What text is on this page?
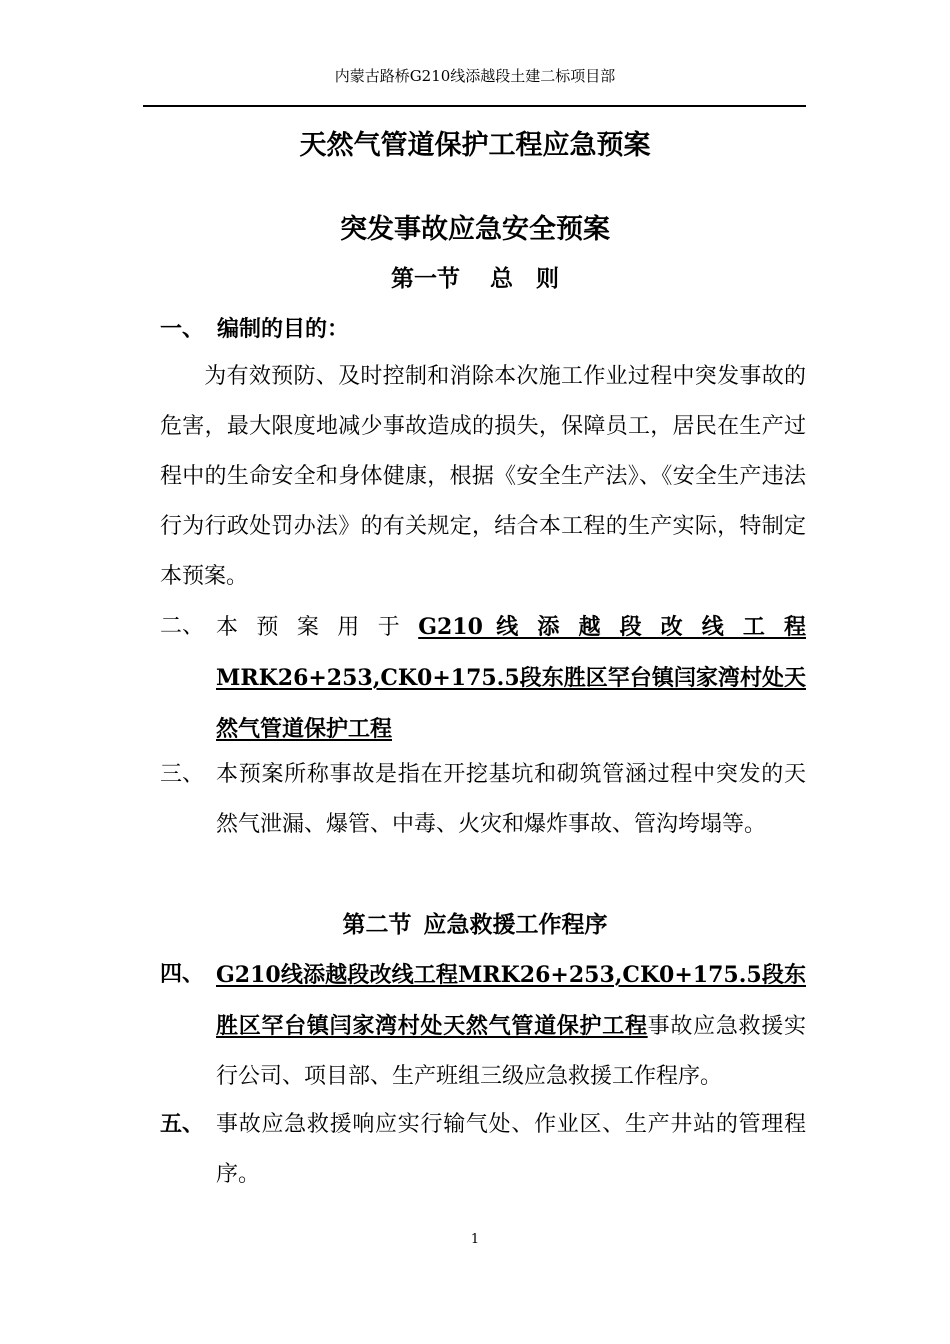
内蒙古路桥G210线添越段土建二标项目部
天然气管道保护工程应急预案
突发事故应急安全预案
第一节 总　则
一、 编制的目的：
为有效预防、及时控制和消除本次施工作业过程中突发事故的危害，最大限度地减少事故造成的损失，保障员工，居民在生产过程中的生命安全和身体健康，根据《安全生产法》、《安全生产违法行为行政处罚办法》的有关规定，结合本工程的生产实际，特制定本预案。
二、 本 预 案 用 于 G210 线 添 越 段 改 线 工 程
MRK26+253,CK0+175.5段东胜区罕台镇闫家湾村处天然气管道保护工程
三、 本预案所称事故是指在开挖基坑和砌筑管涵过程中突发的天然气泄漏、爆管、中毒、火灾和爆炸事故、管沟垮塌等。
第二节 应急救援工作程序
四、 G210线添越段改线工程MRK26+253,CK0+175.5段东胜区罕台镇闫家湾村处天然气管道保护工程事故应急救援实行公司、项目部、生产班组三级应急救援工作程序。
五、 事故应急救援响应实行输气处、作业区、生产井站的管理程序。
1
